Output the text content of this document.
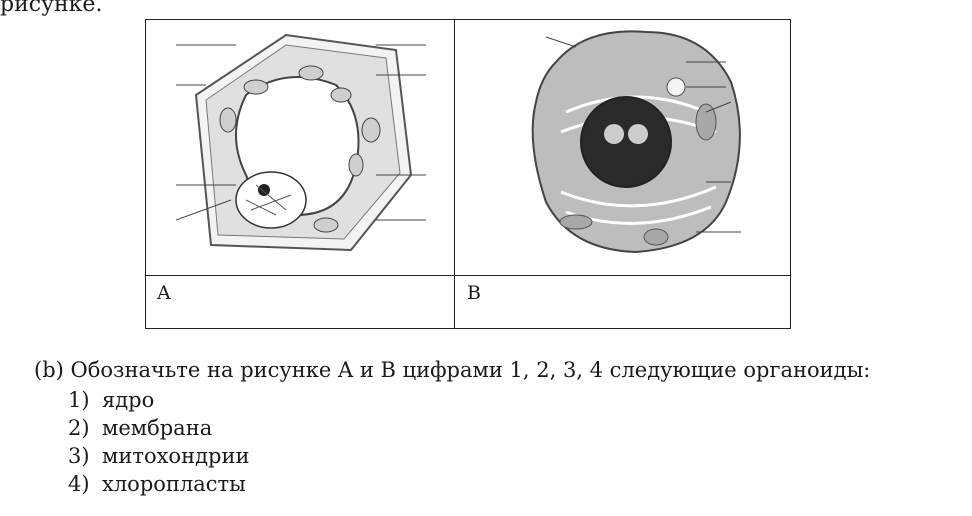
рисунке.
A	B
(b) Обозначьте на рисунке A и B цифрами 1, 2, 3, 4 следующие органоиды:
1) ядро
2) мембрана
3) митохондрии
4) хлоропласты
